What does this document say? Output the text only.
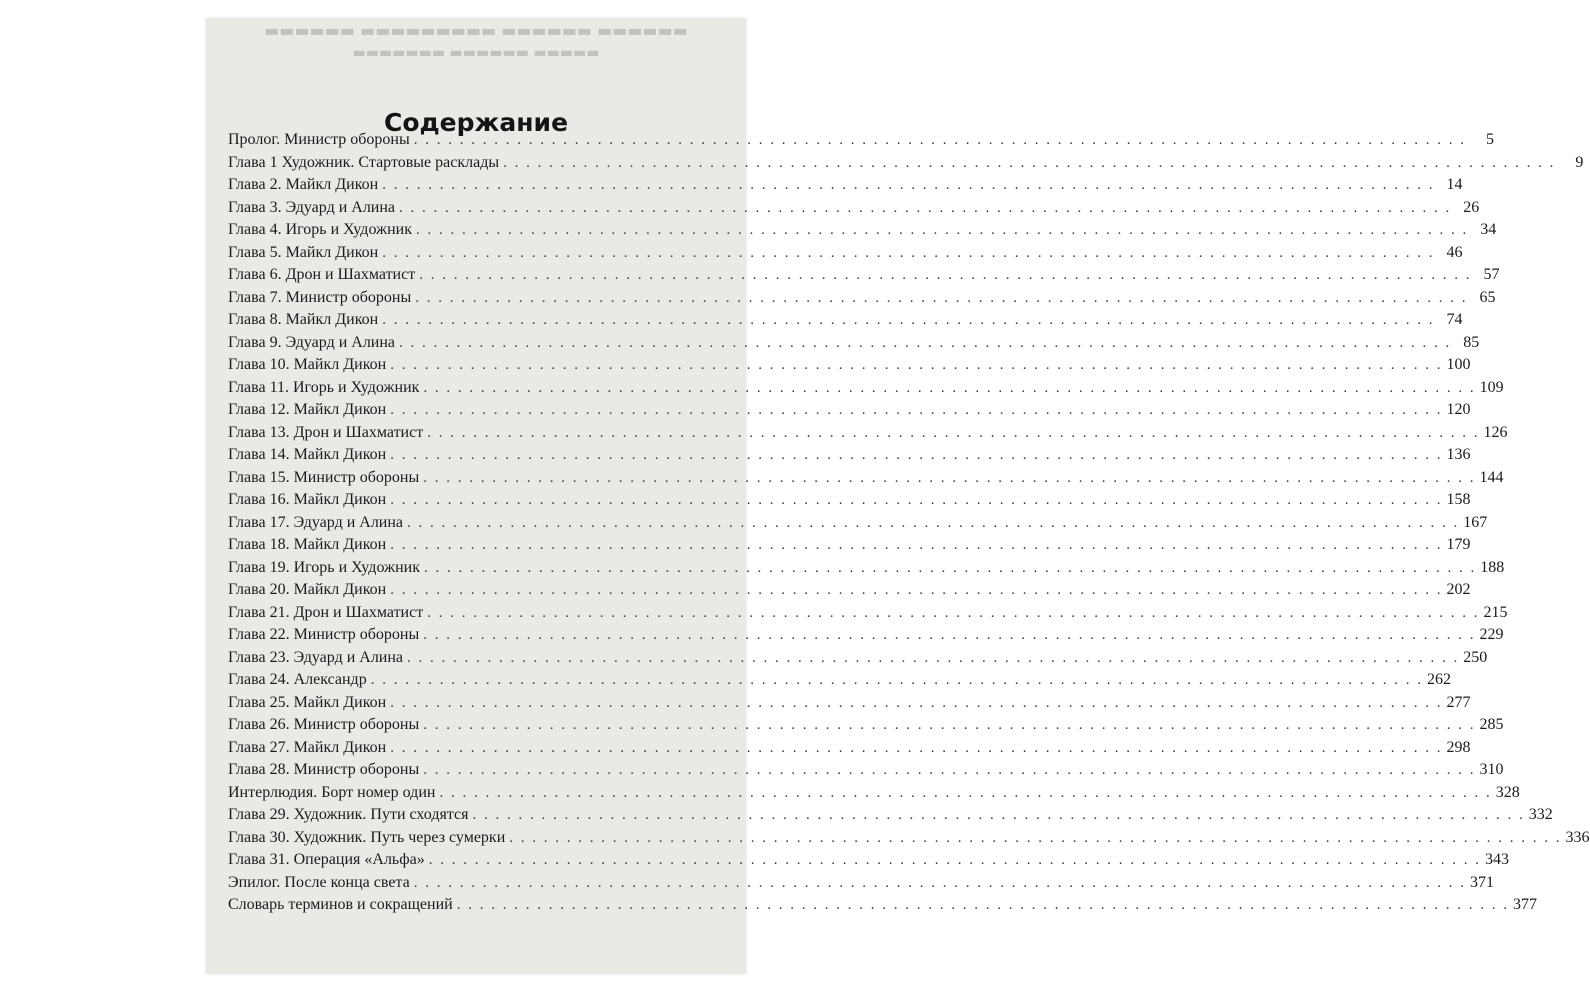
▬▬▬▬▬▬ ▬▬▬▬▬▬ ▬▬▬▬▬▬▬▬▬ ▬▬▬▬▬▬
▬▬▬▬▬ ▬▬▬▬▬▬ ▬▬▬▬▬▬▬
Содержание
Пролог. Министр обороны . . . . . . . . . . . . . . . . . . . . . . . . . . . . . . . . . . . . . . . . . . . . . . . . . . . . . . . . . . . . . . . . . . . . . . . . . . . . . . . . . . . . . . . . . . . .	5
Глава 1 Художник. Стартовые расклады . . . . . . . . . . . . . . . . . . . . . . . . . . . . . . . . . . . . . . . . . . . . . . . . . . . . . . . . . . . . . . . . . . . . . . . . . . . . . . . . . . . . . . . . . . . .	9
Глава 2. Майкл Дикон . . . . . . . . . . . . . . . . . . . . . . . . . . . . . . . . . . . . . . . . . . . . . . . . . . . . . . . . . . . . . . . . . . . . . . . . . . . . . . . . . . . . . . . . . . . . 14
Глава 3. Эдуард и Алина . . . . . . . . . . . . . . . . . . . . . . . . . . . . . . . . . . . . . . . . . . . . . . . . . . . . . . . . . . . . . . . . . . . . . . . . . . . . . . . . . . . . . . . . . . . . 26
Глава 4. Игорь и Художник . . . . . . . . . . . . . . . . . . . . . . . . . . . . . . . . . . . . . . . . . . . . . . . . . . . . . . . . . . . . . . . . . . . . . . . . . . . . . . . . . . . . . . . . . . . . 34
Глава 5. Майкл Дикон . . . . . . . . . . . . . . . . . . . . . . . . . . . . . . . . . . . . . . . . . . . . . . . . . . . . . . . . . . . . . . . . . . . . . . . . . . . . . . . . . . . . . . . . . . . . 46
Глава 6. Дрон и Шахматист . . . . . . . . . . . . . . . . . . . . . . . . . . . . . . . . . . . . . . . . . . . . . . . . . . . . . . . . . . . . . . . . . . . . . . . . . . . . . . . . . . . . . . . . . . . . 57
Глава 7. Министр обороны . . . . . . . . . . . . . . . . . . . . . . . . . . . . . . . . . . . . . . . . . . . . . . . . . . . . . . . . . . . . . . . . . . . . . . . . . . . . . . . . . . . . . . . . . . . . 65
Глава 8. Майкл Дикон . . . . . . . . . . . . . . . . . . . . . . . . . . . . . . . . . . . . . . . . . . . . . . . . . . . . . . . . . . . . . . . . . . . . . . . . . . . . . . . . . . . . . . . . . . . . 74
Глава 9. Эдуард и Алина . . . . . . . . . . . . . . . . . . . . . . . . . . . . . . . . . . . . . . . . . . . . . . . . . . . . . . . . . . . . . . . . . . . . . . . . . . . . . . . . . . . . . . . . . . . . 85
Глава 10. Майкл Дикон . . . . . . . . . . . . . . . . . . . . . . . . . . . . . . . . . . . . . . . . . . . . . . . . . . . . . . . . . . . . . . . . . . . . . . . . . . . . . . . . . . . . . . . . . . . . 100
Глава 11. Игорь и Художник . . . . . . . . . . . . . . . . . . . . . . . . . . . . . . . . . . . . . . . . . . . . . . . . . . . . . . . . . . . . . . . . . . . . . . . . . . . . . . . . . . . . . . . . . . . . 109
Глава 12. Майкл Дикон . . . . . . . . . . . . . . . . . . . . . . . . . . . . . . . . . . . . . . . . . . . . . . . . . . . . . . . . . . . . . . . . . . . . . . . . . . . . . . . . . . . . . . . . . . . . 120
Глава 13. Дрон и Шахматист . . . . . . . . . . . . . . . . . . . . . . . . . . . . . . . . . . . . . . . . . . . . . . . . . . . . . . . . . . . . . . . . . . . . . . . . . . . . . . . . . . . . . . . . . . . . 126
Глава 14. Майкл Дикон . . . . . . . . . . . . . . . . . . . . . . . . . . . . . . . . . . . . . . . . . . . . . . . . . . . . . . . . . . . . . . . . . . . . . . . . . . . . . . . . . . . . . . . . . . . . 136
Глава 15. Министр обороны . . . . . . . . . . . . . . . . . . . . . . . . . . . . . . . . . . . . . . . . . . . . . . . . . . . . . . . . . . . . . . . . . . . . . . . . . . . . . . . . . . . . . . . . . . . . 144
Глава 16. Майкл Дикон . . . . . . . . . . . . . . . . . . . . . . . . . . . . . . . . . . . . . . . . . . . . . . . . . . . . . . . . . . . . . . . . . . . . . . . . . . . . . . . . . . . . . . . . . . . . 158
Глава 17. Эдуард и Алина . . . . . . . . . . . . . . . . . . . . . . . . . . . . . . . . . . . . . . . . . . . . . . . . . . . . . . . . . . . . . . . . . . . . . . . . . . . . . . . . . . . . . . . . . . . . 167
Глава 18. Майкл Дикон . . . . . . . . . . . . . . . . . . . . . . . . . . . . . . . . . . . . . . . . . . . . . . . . . . . . . . . . . . . . . . . . . . . . . . . . . . . . . . . . . . . . . . . . . . . . 179
Глава 19. Игорь и Художник . . . . . . . . . . . . . . . . . . . . . . . . . . . . . . . . . . . . . . . . . . . . . . . . . . . . . . . . . . . . . . . . . . . . . . . . . . . . . . . . . . . . . . . . . . . . 188
Глава 20. Майкл Дикон . . . . . . . . . . . . . . . . . . . . . . . . . . . . . . . . . . . . . . . . . . . . . . . . . . . . . . . . . . . . . . . . . . . . . . . . . . . . . . . . . . . . . . . . . . . . 202
Глава 21. Дрон и Шахматист . . . . . . . . . . . . . . . . . . . . . . . . . . . . . . . . . . . . . . . . . . . . . . . . . . . . . . . . . . . . . . . . . . . . . . . . . . . . . . . . . . . . . . . . . . . . 215
Глава 22. Министр обороны . . . . . . . . . . . . . . . . . . . . . . . . . . . . . . . . . . . . . . . . . . . . . . . . . . . . . . . . . . . . . . . . . . . . . . . . . . . . . . . . . . . . . . . . . . . . 229
Глава 23. Эдуард и Алина . . . . . . . . . . . . . . . . . . . . . . . . . . . . . . . . . . . . . . . . . . . . . . . . . . . . . . . . . . . . . . . . . . . . . . . . . . . . . . . . . . . . . . . . . . . . 250
Глава 24. Александр . . . . . . . . . . . . . . . . . . . . . . . . . . . . . . . . . . . . . . . . . . . . . . . . . . . . . . . . . . . . . . . . . . . . . . . . . . . . . . . . . . . . . . . . . . . . 262
Глава 25. Майкл Дикон . . . . . . . . . . . . . . . . . . . . . . . . . . . . . . . . . . . . . . . . . . . . . . . . . . . . . . . . . . . . . . . . . . . . . . . . . . . . . . . . . . . . . . . . . . . . 277
Глава 26. Министр обороны . . . . . . . . . . . . . . . . . . . . . . . . . . . . . . . . . . . . . . . . . . . . . . . . . . . . . . . . . . . . . . . . . . . . . . . . . . . . . . . . . . . . . . . . . . . . 285
Глава 27. Майкл Дикон . . . . . . . . . . . . . . . . . . . . . . . . . . . . . . . . . . . . . . . . . . . . . . . . . . . . . . . . . . . . . . . . . . . . . . . . . . . . . . . . . . . . . . . . . . . . 298
Глава 28. Министр обороны . . . . . . . . . . . . . . . . . . . . . . . . . . . . . . . . . . . . . . . . . . . . . . . . . . . . . . . . . . . . . . . . . . . . . . . . . . . . . . . . . . . . . . . . . . . . 310
Интерлюдия. Борт номер один . . . . . . . . . . . . . . . . . . . . . . . . . . . . . . . . . . . . . . . . . . . . . . . . . . . . . . . . . . . . . . . . . . . . . . . . . . . . . . . . . . . . . . . . . . . . 328
Глава 29. Художник. Пути сходятся . . . . . . . . . . . . . . . . . . . . . . . . . . . . . . . . . . . . . . . . . . . . . . . . . . . . . . . . . . . . . . . . . . . . . . . . . . . . . . . . . . . . . . . . . . . . 332
Глава 30. Художник. Путь через сумерки . . . . . . . . . . . . . . . . . . . . . . . . . . . . . . . . . . . . . . . . . . . . . . . . . . . . . . . . . . . . . . . . . . . . . . . . . . . . . . . . . . . . . . . . . . . . 336
Глава 31. Операция «Альфа» . . . . . . . . . . . . . . . . . . . . . . . . . . . . . . . . . . . . . . . . . . . . . . . . . . . . . . . . . . . . . . . . . . . . . . . . . . . . . . . . . . . . . . . . . . . . 343
Эпилог. После конца света . . . . . . . . . . . . . . . . . . . . . . . . . . . . . . . . . . . . . . . . . . . . . . . . . . . . . . . . . . . . . . . . . . . . . . . . . . . . . . . . . . . . . . . . . . . . 371
Словарь терминов и сокращений . . . . . . . . . . . . . . . . . . . . . . . . . . . . . . . . . . . . . . . . . . . . . . . . . . . . . . . . . . . . . . . . . . . . . . . . . . . . . . . . . . . . . . . . . . . . 377
